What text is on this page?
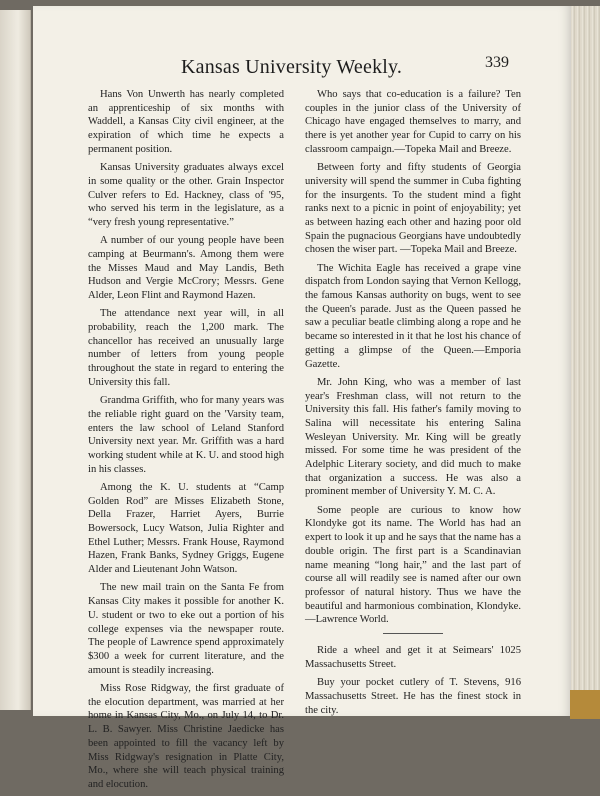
Kansas University Weekly.	339

Hans Von Unwerth has nearly completed an apprenticeship of six months with Waddell, a Kansas City civil engineer, at the expiration of which time he expects a permanent position.

Kansas University graduates always excel in some quality or the other. Grain Inspector Culver refers to Ed. Hackney, class of '95, who served his term in the legislature, as a “very fresh young representative.”

A number of our young people have been camping at Beurmann's. Among them were the Misses Maud and May Landis, Beth Hudson and Vergie McCrory; Messrs. Gene Alder, Leon Flint and Raymond Hazen.

The attendance next year will, in all probability, reach the 1,200 mark. The chancellor has received an unusually large number of letters from young people throughout the state in regard to entering the University this fall.

Grandma Griffith, who for many years was the reliable right guard on the 'Varsity team, enters the law school of Leland Stanford University next year. Mr. Griffith was a hard working student while at K. U. and stood high in his classes.

Among the K. U. students at “Camp Golden Rod” are Misses Elizabeth Stone, Della Frazer, Harriet Ayers, Burrie Bowersock, Lucy Watson, Julia Righter and Ethel Luther; Messrs. Frank House, Raymond Hazen, Frank Banks, Sydney Griggs, Eugene Alder and Lieutenant John Watson.

The new mail train on the Santa Fe from Kansas City makes it possible for another K. U. student or two to eke out a portion of his college expenses via the newspaper route. The people of Lawrence spend approximately $300 a week for current literature, and the amount is steadily increasing.

Miss Rose Ridgway, the first graduate of the elocution department, was married at her home in Kansas City, Mo., on July 14, to Dr. L. B. Sawyer. Miss Christine Jaedicke has been appointed to fill the vacancy left by Miss Ridgway's resignation in Platte City, Mo., where she will teach physical training and elocution.

Who says that co-education is a failure? Ten couples in the junior class of the University of Chicago have engaged themselves to marry, and there is yet another year for Cupid to carry on his classroom campaign.—Topeka Mail and Breeze.

Between forty and fifty students of Georgia university will spend the summer in Cuba fighting for the insurgents. To the student mind a fight ranks next to a picnic in point of enjoyability; yet as between hazing each other and hazing poor old Spain the pugnacious Georgians have undoubtedly chosen the wiser part. —Topeka Mail and Breeze.

The Wichita Eagle has received a grape vine dispatch from London saying that Vernon Kellogg, the famous Kansas authority on bugs, went to see the Queen's parade. Just as the Queen passed he saw a peculiar beatle climbing along a rope and he became so interested in it that he lost his chance of getting a glimpse of the Queen.—Emporia Gazette.

Mr. John King, who was a member of last year's Freshman class, will not return to the University this fall. His father's family moving to Salina will necessitate his entering Salina Wesleyan University. Mr. King will be greatly missed. For some time he was president of the Adelphic Literary society, and did much to make that organization a success. He was also a prominent member of University Y. M. C. A.

Some people are curious to know how Klondyke got its name. The World has had an expert to look it up and he says that the name has a double origin. The first part is a Scandinavian name meaning “long hair,” and the last part of course all will readily see is named after our own professor of natural history. Thus we have the beautiful and harmonious combination, Klondyke.—Lawrence World.

Ride a wheel and get it at Seimears' 1025 Massachusetts Street.

Buy your pocket cutlery of T. Stevens, 916 Massachusetts Street. He has the finest stock in the city.
